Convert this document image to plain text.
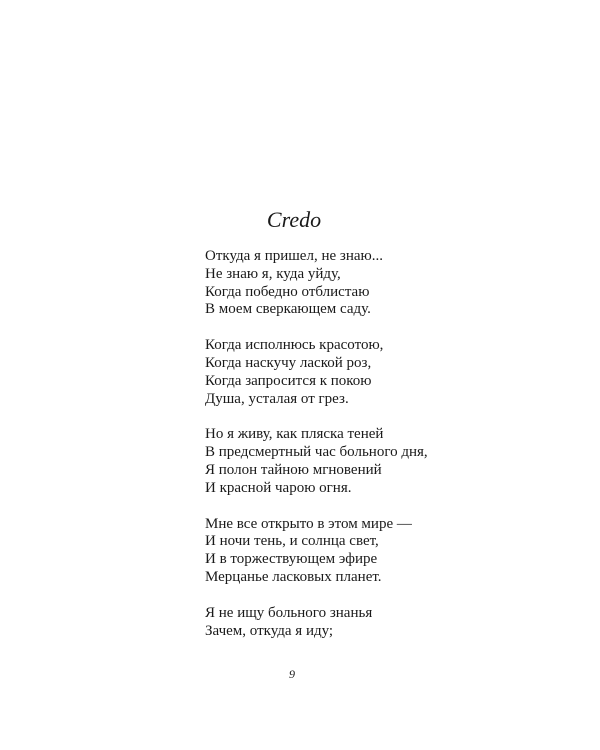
Credo
Откуда я пришел, не знаю...
Не знаю я, куда уйду,
Когда победно отблистаю
В моем сверкающем саду.
Когда исполнюсь красотою,
Когда наскучу лаской роз,
Когда запросится к покою
Душа, усталая от грез.
Но я живу, как пляска теней
В предсмертный час больного дня,
Я полон тайною мгновений
И красной чарою огня.
Мне все открыто в этом мире —
И ночи тень, и солнца свет,
И в торжествующем эфире
Мерцанье ласковых планет.
Я не ищу больного знанья
Зачем, откуда я иду;
9
